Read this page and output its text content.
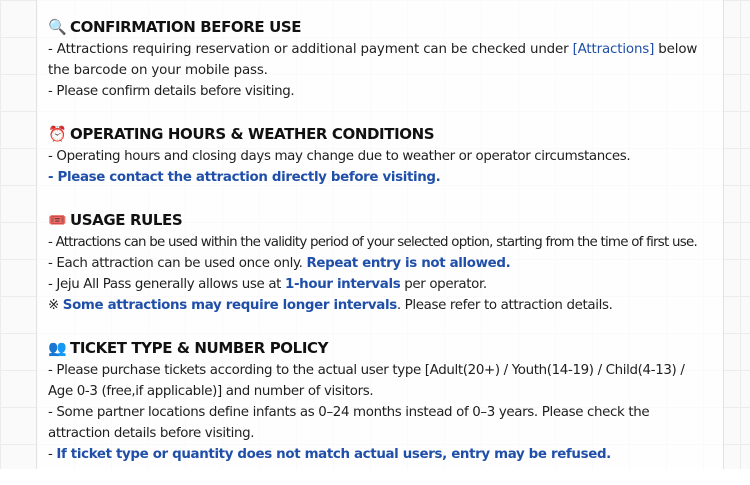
🔍 CONFIRMATION BEFORE USE
- Attractions requiring reservation or additional payment can be checked under [Attractions] below the barcode on your mobile pass.
- Please confirm details before visiting.
⏰ OPERATING HOURS & WEATHER CONDITIONS
- Operating hours and closing days may change due to weather or operator circumstances.
- Please contact the attraction directly before visiting.
🎟️ USAGE RULES
- Attractions can be used within the validity period of your selected option, starting from the time of first use.
- Each attraction can be used once only. Repeat entry is not allowed.
- Jeju All Pass generally allows use at 1-hour intervals per operator.
※ Some attractions may require longer intervals. Please refer to attraction details.
👥 TICKET TYPE & NUMBER POLICY
- Please purchase tickets according to the actual user type [Adult(20+) / Youth(14-19) / Child(4-13) / Age 0-3 (free,if applicable)] and number of visitors.
- Some partner locations define infants as 0–24 months instead of 0–3 years. Please check the attraction details before visiting.
- If ticket type or quantity does not match actual users, entry may be refused.
